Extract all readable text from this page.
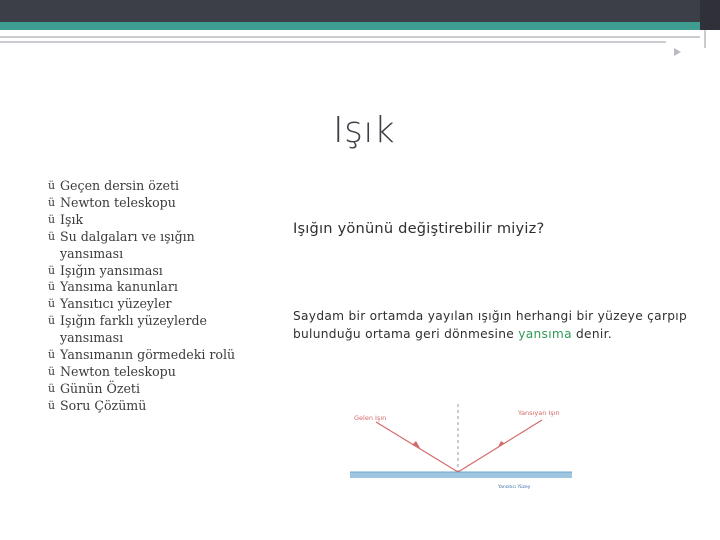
Işık
ü Geçen dersin özeti
ü Newton teleskopu
ü Işık
ü Su dalgaları ve ışığın yansıması
ü Işığın yansıması
ü Yansıma kanunları
ü Yansıtıcı yüzeyler
ü Işığın farklı yüzeylerde yansıması
ü Yansımanın görmedeki rolü
ü Newton teleskopu
ü Günün Özeti
ü Soru Çözümü
Işığın yönünü değiştirebilir miyiz?
Saydam bir ortamda yayılan ışığın herhangi bir yüzeye çarpıp bulunduğu ortama geri dönmesine yansıma denir.
Gelen Işın
Yansıyan Işın
Yansıtıcı Yüzey
